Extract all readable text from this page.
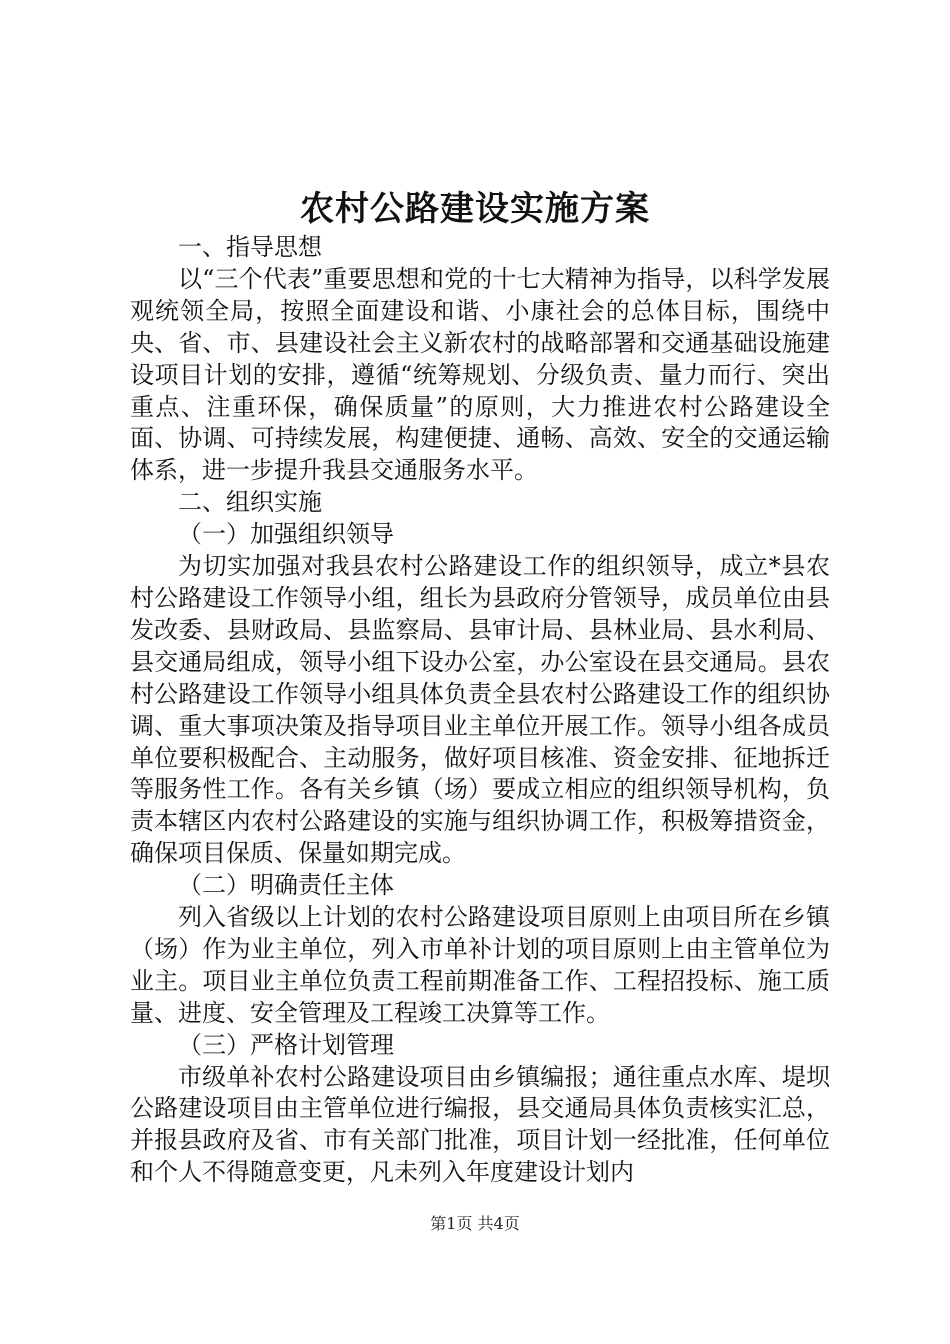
农村公路建设实施方案

一、指导思想

以“三个代表”重要思想和党的十七大精神为指导，以科学发展观统领全局，按照全面建设和谐、小康社会的总体目标，围绕中央、省、市、县建设社会主义新农村的战略部署和交通基础设施建设项目计划的安排，遵循“统筹规划、分级负责、量力而行、突出重点、注重环保，确保质量”的原则，大力推进农村公路建设全面、协调、可持续发展，构建便捷、通畅、高效、安全的交通运输体系，进一步提升我县交通服务水平。

二、组织实施

（一）加强组织领导

为切实加强对我县农村公路建设工作的组织领导，成立*县农村公路建设工作领导小组，组长为县政府分管领导，成员单位由县发改委、县财政局、县监察局、县审计局、县林业局、县水利局、县交通局组成，领导小组下设办公室，办公室设在县交通局。县农村公路建设工作领导小组具体负责全县农村公路建设工作的组织协调、重大事项决策及指导项目业主单位开展工作。领导小组各成员单位要积极配合、主动服务，做好项目核准、资金安排、征地拆迁等服务性工作。各有关乡镇（场）要成立相应的组织领导机构，负责本辖区内农村公路建设的实施与组织协调工作，积极筹措资金，确保项目保质、保量如期完成。

（二）明确责任主体

列入省级以上计划的农村公路建设项目原则上由项目所在乡镇（场）作为业主单位，列入市单补计划的项目原则上由主管单位为业主。项目业主单位负责工程前期准备工作、工程招投标、施工质量、进度、安全管理及工程竣工决算等工作。

（三）严格计划管理

市级单补农村公路建设项目由乡镇编报；通往重点水库、堤坝公路建设项目由主管单位进行编报，县交通局具体负责核实汇总，并报县政府及省、市有关部门批准，项目计划一经批准，任何单位和个人不得随意变更，凡未列入年度建设计划内

第1页 共4页
